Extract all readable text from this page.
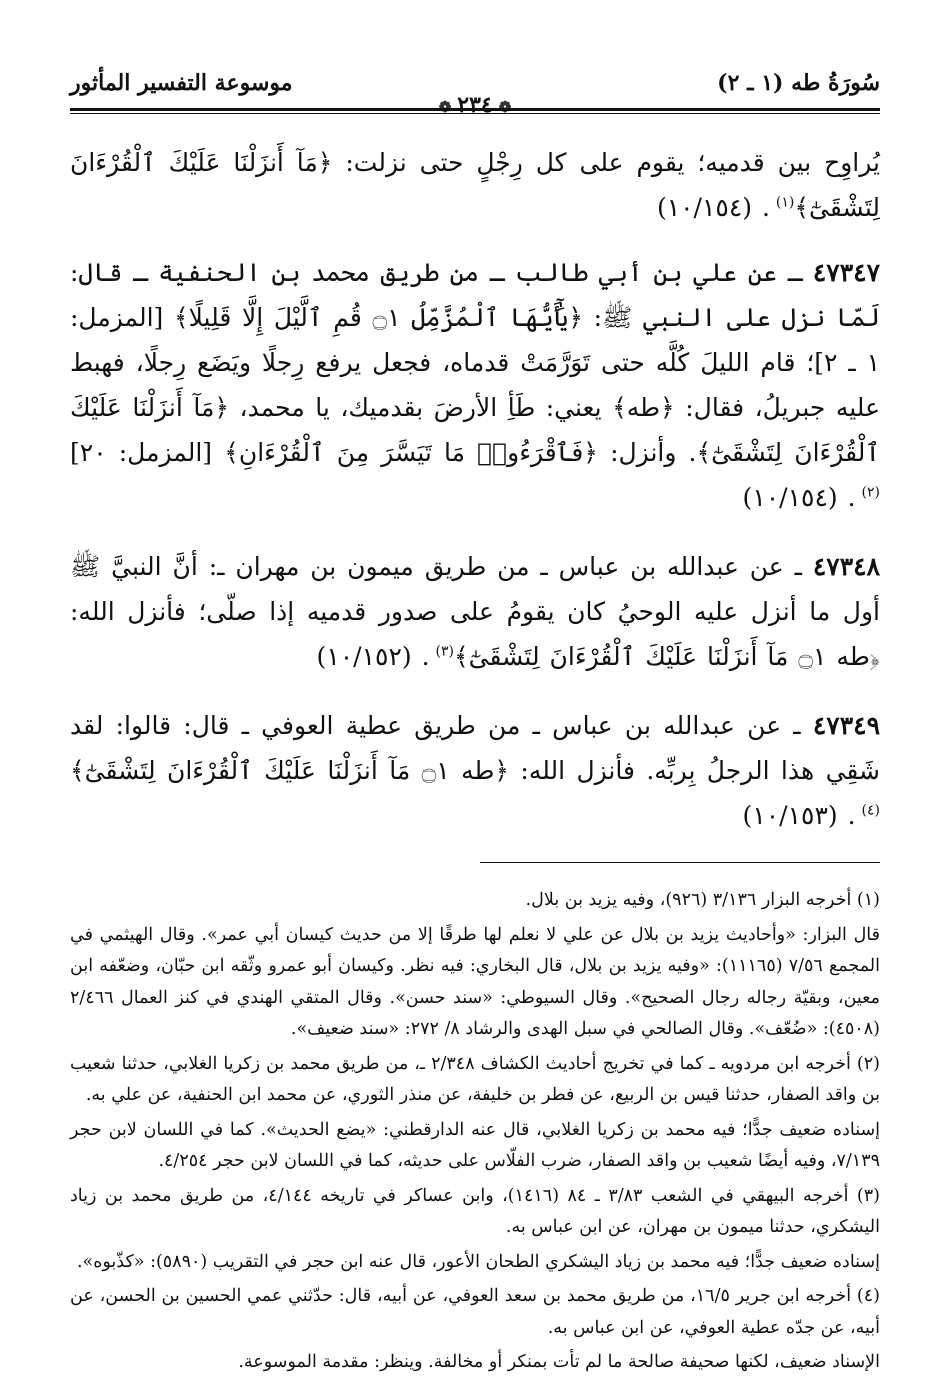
سُورَةُ طه (١ ـ ٢)
موسوعة التفسير المأثور
❁٢٣٤❁

يُراوِح بين قدميه؛ يقوم على كل رِجْلٍ حتى نزلت: ﴿مَآ أَنزَلْنَا عَلَيْكَ ٱلْقُرْءَانَ لِتَشْقَىٰٓ﴾$^{(١)}$. (١٠/١٥٤)

٤٧٣٤٧ ـ عن علي بن أبي طالب ـ من طريق محمد بن الحنفية ـ قال: لَمّا نزل على النبي ﷺ: ﴿يَٰٓأَيُّهَا ٱلْمُزَّمِّلُ ۝١ قُمِ ٱلَّيْلَ إِلَّا قَلِيلًا﴾ [المزمل: ١ ـ ٢]؛ قام الليلَ كُلَّه حتى تَوَرَّمَتْ قدماه، فجعل يرفع رِجلًا ويَضَع رِجلًا، فهبط عليه جبريلُ، فقال: ﴿طه﴾ يعني: طَأِ الأرضَ بقدميك، يا محمد، ﴿مَآ أَنزَلْنَا عَلَيْكَ ٱلْقُرْءَانَ لِتَشْقَىٰٓ﴾. وأنزل: ﴿فَٱقْرَءُوا۟ مَا تَيَسَّرَ مِنَ ٱلْقُرْءَانِ﴾ [المزمل: ٢٠]$^{(٢)}$. (١٠/١٥٤)

٤٧٣٤٨ ـ عن عبدالله بن عباس ـ من طريق ميمون بن مهران ـ: أنَّ النبيَّ ﷺ أول ما أنزل عليه الوحيُ كان يقومُ على صدور قدميه إذا صلّى؛ فأنزل الله: ﴿طه ۝١ مَآ أَنزَلْنَا عَلَيْكَ ٱلْقُرْءَانَ لِتَشْقَىٰٓ﴾$^{(٣)}$. (١٠/١٥٢)

٤٧٣٤٩ ـ عن عبدالله بن عباس ـ من طريق عطية العوفي ـ قال: قالوا: لقد شَقِي هذا الرجلُ بِربِّه. فأنزل الله: ﴿طه ۝١ مَآ أَنزَلْنَا عَلَيْكَ ٱلْقُرْءَانَ لِتَشْقَىٰٓ﴾$^{(٤)}$. (١٠/١٥٣)

(١) أخرجه البزار ٣/١٣٦ (٩٢٦)، وفيه يزيد بن بلال.

قال البزار: «وأحاديث يزيد بن بلال عن علي لا نعلم لها طرقًا إلا من حديث كيسان أبي عمر». وقال الهيثمي في المجمع ٧/٥٦ (١١١٦٥): «وفيه يزيد بن بلال، قال البخاري: فيه نظر. وكيسان أبو عمرو وثّقه ابن حبّان، وضعّفه ابن معين، وبقيّة رجاله رجال الصحيح». وقال السيوطي: «سند حسن». وقال المتقي الهندي في كنز العمال ٢/٤٦٦ (٤٥٠٨): «ضُعّف». وقال الصالحي في سبل الهدى والرشاد ٨/ ٢٧٢: «سند ضعيف».

(٢) أخرجه ابن مردويه ـ كما في تخريج أحاديث الكشاف ٢/٣٤٨ ـ، من طريق محمد بن زكريا الغلابي، حدثنا شعيب بن واقد الصفار، حدثنا قيس بن الربيع، عن فطر بن خليفة، عن منذر الثوري، عن محمد ابن الحنفية، عن علي به.

إسناده ضعيف جدًّا؛ فيه محمد بن زكريا الغلابي، قال عنه الدارقطني: «يضع الحديث». كما في اللسان لابن حجر ٧/١٣٩، وفيه أيضًا شعيب بن واقد الصفار، ضرب الفلّاس على حديثه، كما في اللسان لابن حجر ٤/٢٥٤.

(٣) أخرجه البيهقي في الشعب ٣/٨٣ ـ ٨٤ (١٤١٦)، وابن عساكر في تاريخه ٤/١٤٤، من طريق محمد بن زياد اليشكري، حدثنا ميمون بن مهران، عن ابن عباس به.

إسناده ضعيف جدًّا؛ فيه محمد بن زياد اليشكري الطحان الأعور، قال عنه ابن حجر في التقريب (٥٨٩٠): «كذّبوه».

(٤) أخرجه ابن جرير ١٦/٥، من طريق محمد بن سعد العوفي، عن أبيه، قال: حدّثني عمي الحسين بن الحسن، عن أبيه، عن جدّه عطية العوفي، عن ابن عباس به.

الإسناد ضعيف، لكنها صحيفة صالحة ما لم تأت بمنكر أو مخالفة. وينظر: مقدمة الموسوعة.
